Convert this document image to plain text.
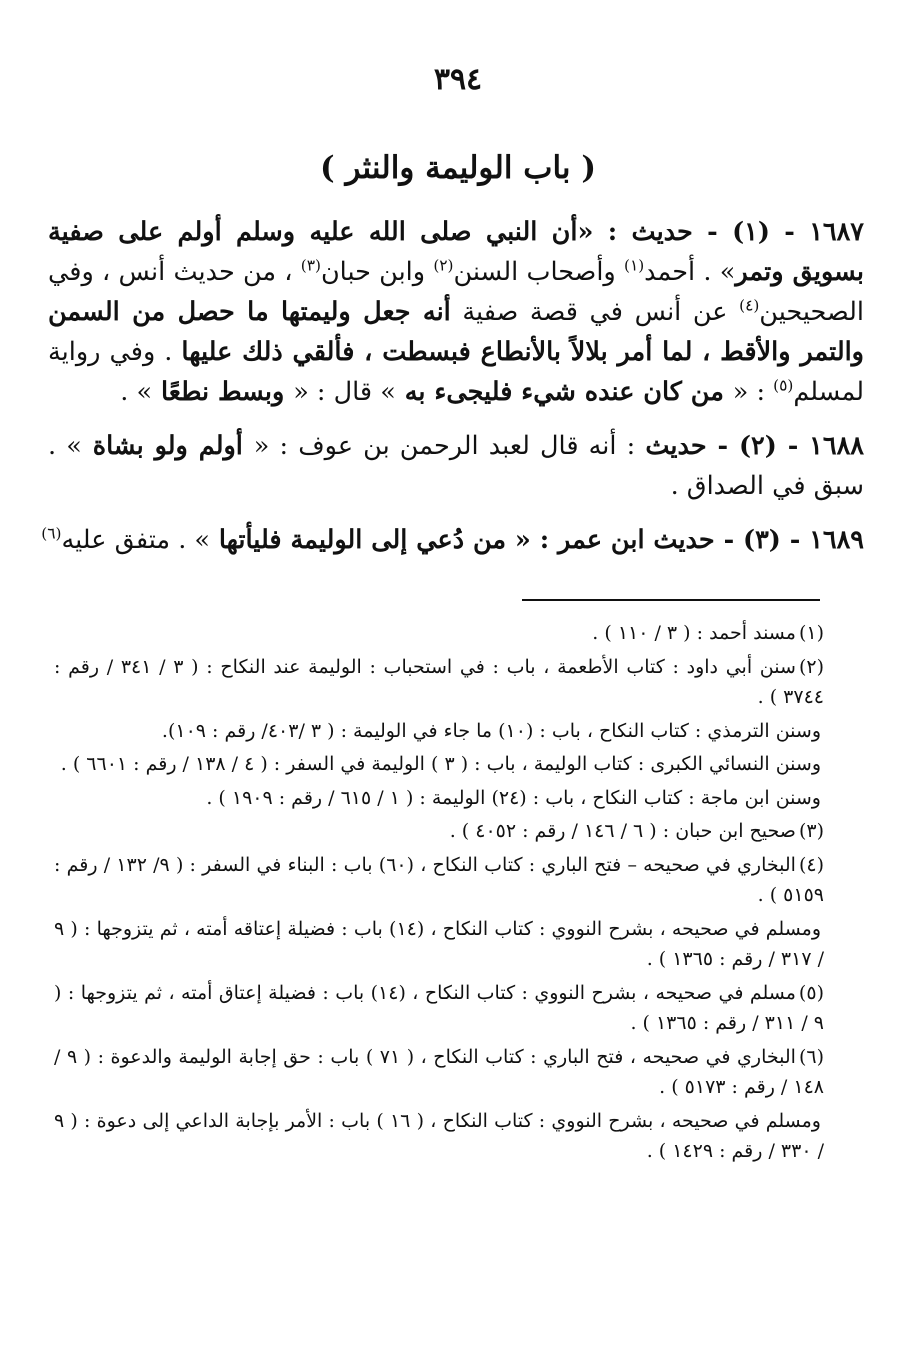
٣٩٤
( باب الوليمة والنثر )

١٦٨٧ - (١) - حديث : «أن النبي صلى الله عليه وسلم أولم على صفية بسويق وتمر» . أحمد$^{(١)}$ وأصحاب السنن$^{(٢)}$ وابن حبان$^{(٣)}$ ، من حديث أنس ، وفي الصحيحين$^{(٤)}$ عن أنس في قصة صفية أنه جعل وليمتها ما حصل من السمن والتمر والأقط ، لما أمر بلالاً بالأنطاع فبسطت ، فألقي ذلك عليها . وفي رواية لمسلم$^{(٥)}$ : « من كان عنده شيء فليجىء به » قال : « وبسط نطعًا » .

١٦٨٨ - (٢) - حديث : أنه قال لعبد الرحمن بن عوف : « أولم ولو بشاة » . سبق في الصداق .

١٦٨٩ - (٣) - حديث ابن عمر : « من دُعي إلى الوليمة فليأتها » . متفق عليه$^{(٦)}$

(١)مسند أحمد : ( ٣ / ١١٠ ) .

(٢)سنن أبي داود : كتاب الأطعمة ، باب : في استحباب : الوليمة عند النكاح : ( ٣ / ٣٤١ / رقم : ٣٧٤٤ ) .

وسنن الترمذي : كتاب النكاح ، باب : (١٠) ما جاء في الوليمة : ( ٣ /٤٠٣/ رقم : ١٠٩).

وسنن النسائي الكبرى : كتاب الوليمة ، باب : ( ٣ ) الوليمة في السفر : ( ٤ / ١٣٨ / رقم : ٦٦٠١ ) .

وسنن ابن ماجة : كتاب النكاح ، باب : (٢٤) الوليمة : ( ١ / ٦١٥ / رقم : ١٩٠٩ ) .

(٣)صحيح ابن حبان : ( ٦ / ١٤٦ / رقم : ٤٠٥٢ ) .

(٤)البخاري في صحيحه – فتح الباري : كتاب النكاح ، (٦٠) باب : البناء في السفر : ( ٩/ ١٣٢ / رقم : ٥١٥٩ ) .

ومسلم في صحيحه ، بشرح النووي : كتاب النكاح ، (١٤) باب : فضيلة إعتاقه أمته ، ثم يتزوجها : ( ٩ / ٣١٧ / رقم : ١٣٦٥ ) .

(٥)مسلم في صحيحه ، بشرح النووي : كتاب النكاح ، (١٤) باب : فضيلة إعتاق أمته ، ثم يتزوجها : ( ٩ / ٣١١ / رقم : ١٣٦٥ ) .

(٦)البخاري في صحيحه ، فتح الباري : كتاب النكاح ، ( ٧١ ) باب : حق إجابة الوليمة والدعوة : ( ٩ / ١٤٨ / رقم : ٥١٧٣ ) .

ومسلم في صحيحه ، بشرح النووي : كتاب النكاح ، ( ١٦ ) باب : الأمر بإجابة الداعي إلى دعوة : ( ٩ / ٣٣٠ / رقم : ١٤٢٩ ) .
